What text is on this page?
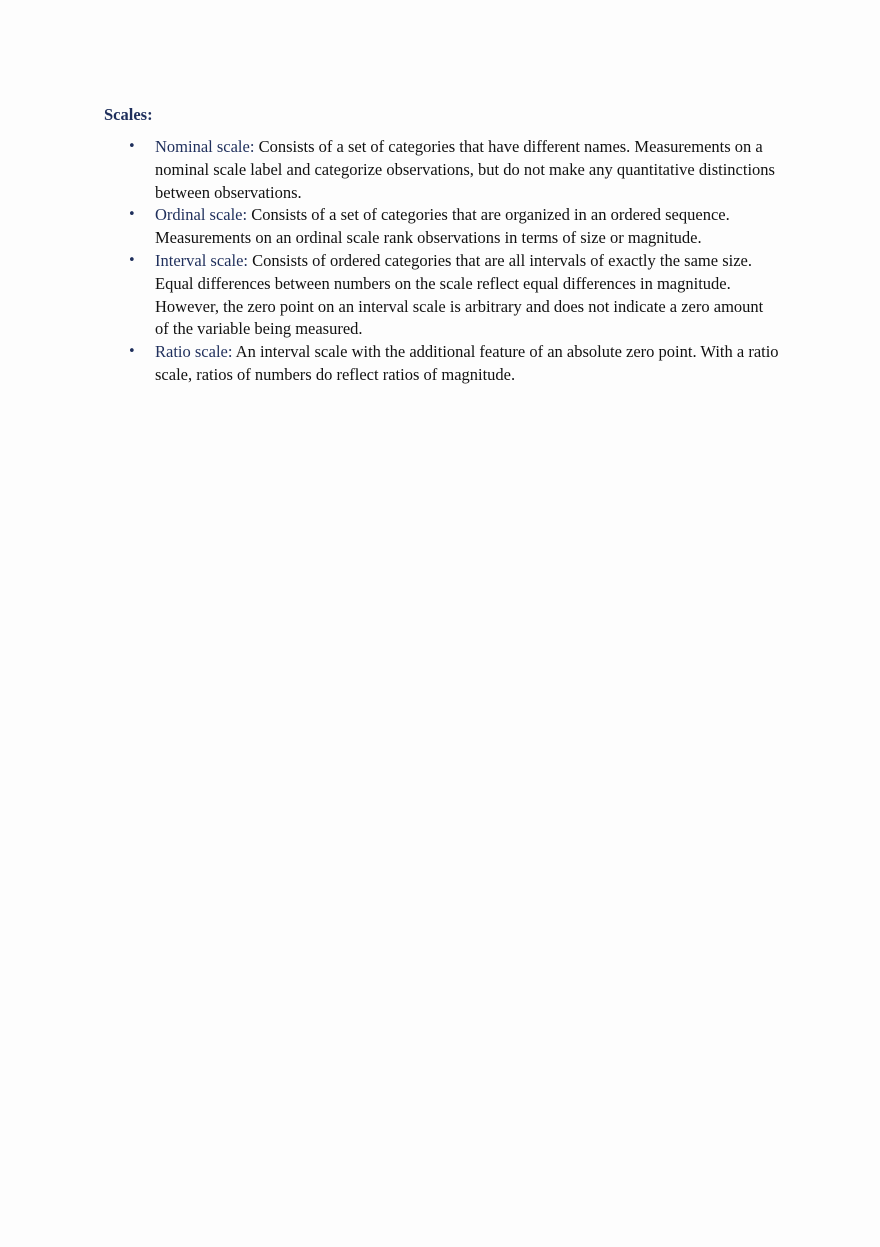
Scales:
• Nominal scale: Consists of a set of categories that have different names. Measurements on a nominal scale label and categorize observations, but do not make any quantitative distinctions between observations.
• Ordinal scale: Consists of a set of categories that are organized in an ordered sequence. Measurements on an ordinal scale rank observations in terms of size or magnitude.
• Interval scale: Consists of ordered categories that are all intervals of exactly the same size. Equal differences between numbers on the scale reflect equal differences in magnitude. However, the zero point on an interval scale is arbitrary and does not indicate a zero amount of the variable being measured.
• Ratio scale: An interval scale with the additional feature of an absolute zero point. With a ratio scale, ratios of numbers do reflect ratios of magnitude.
